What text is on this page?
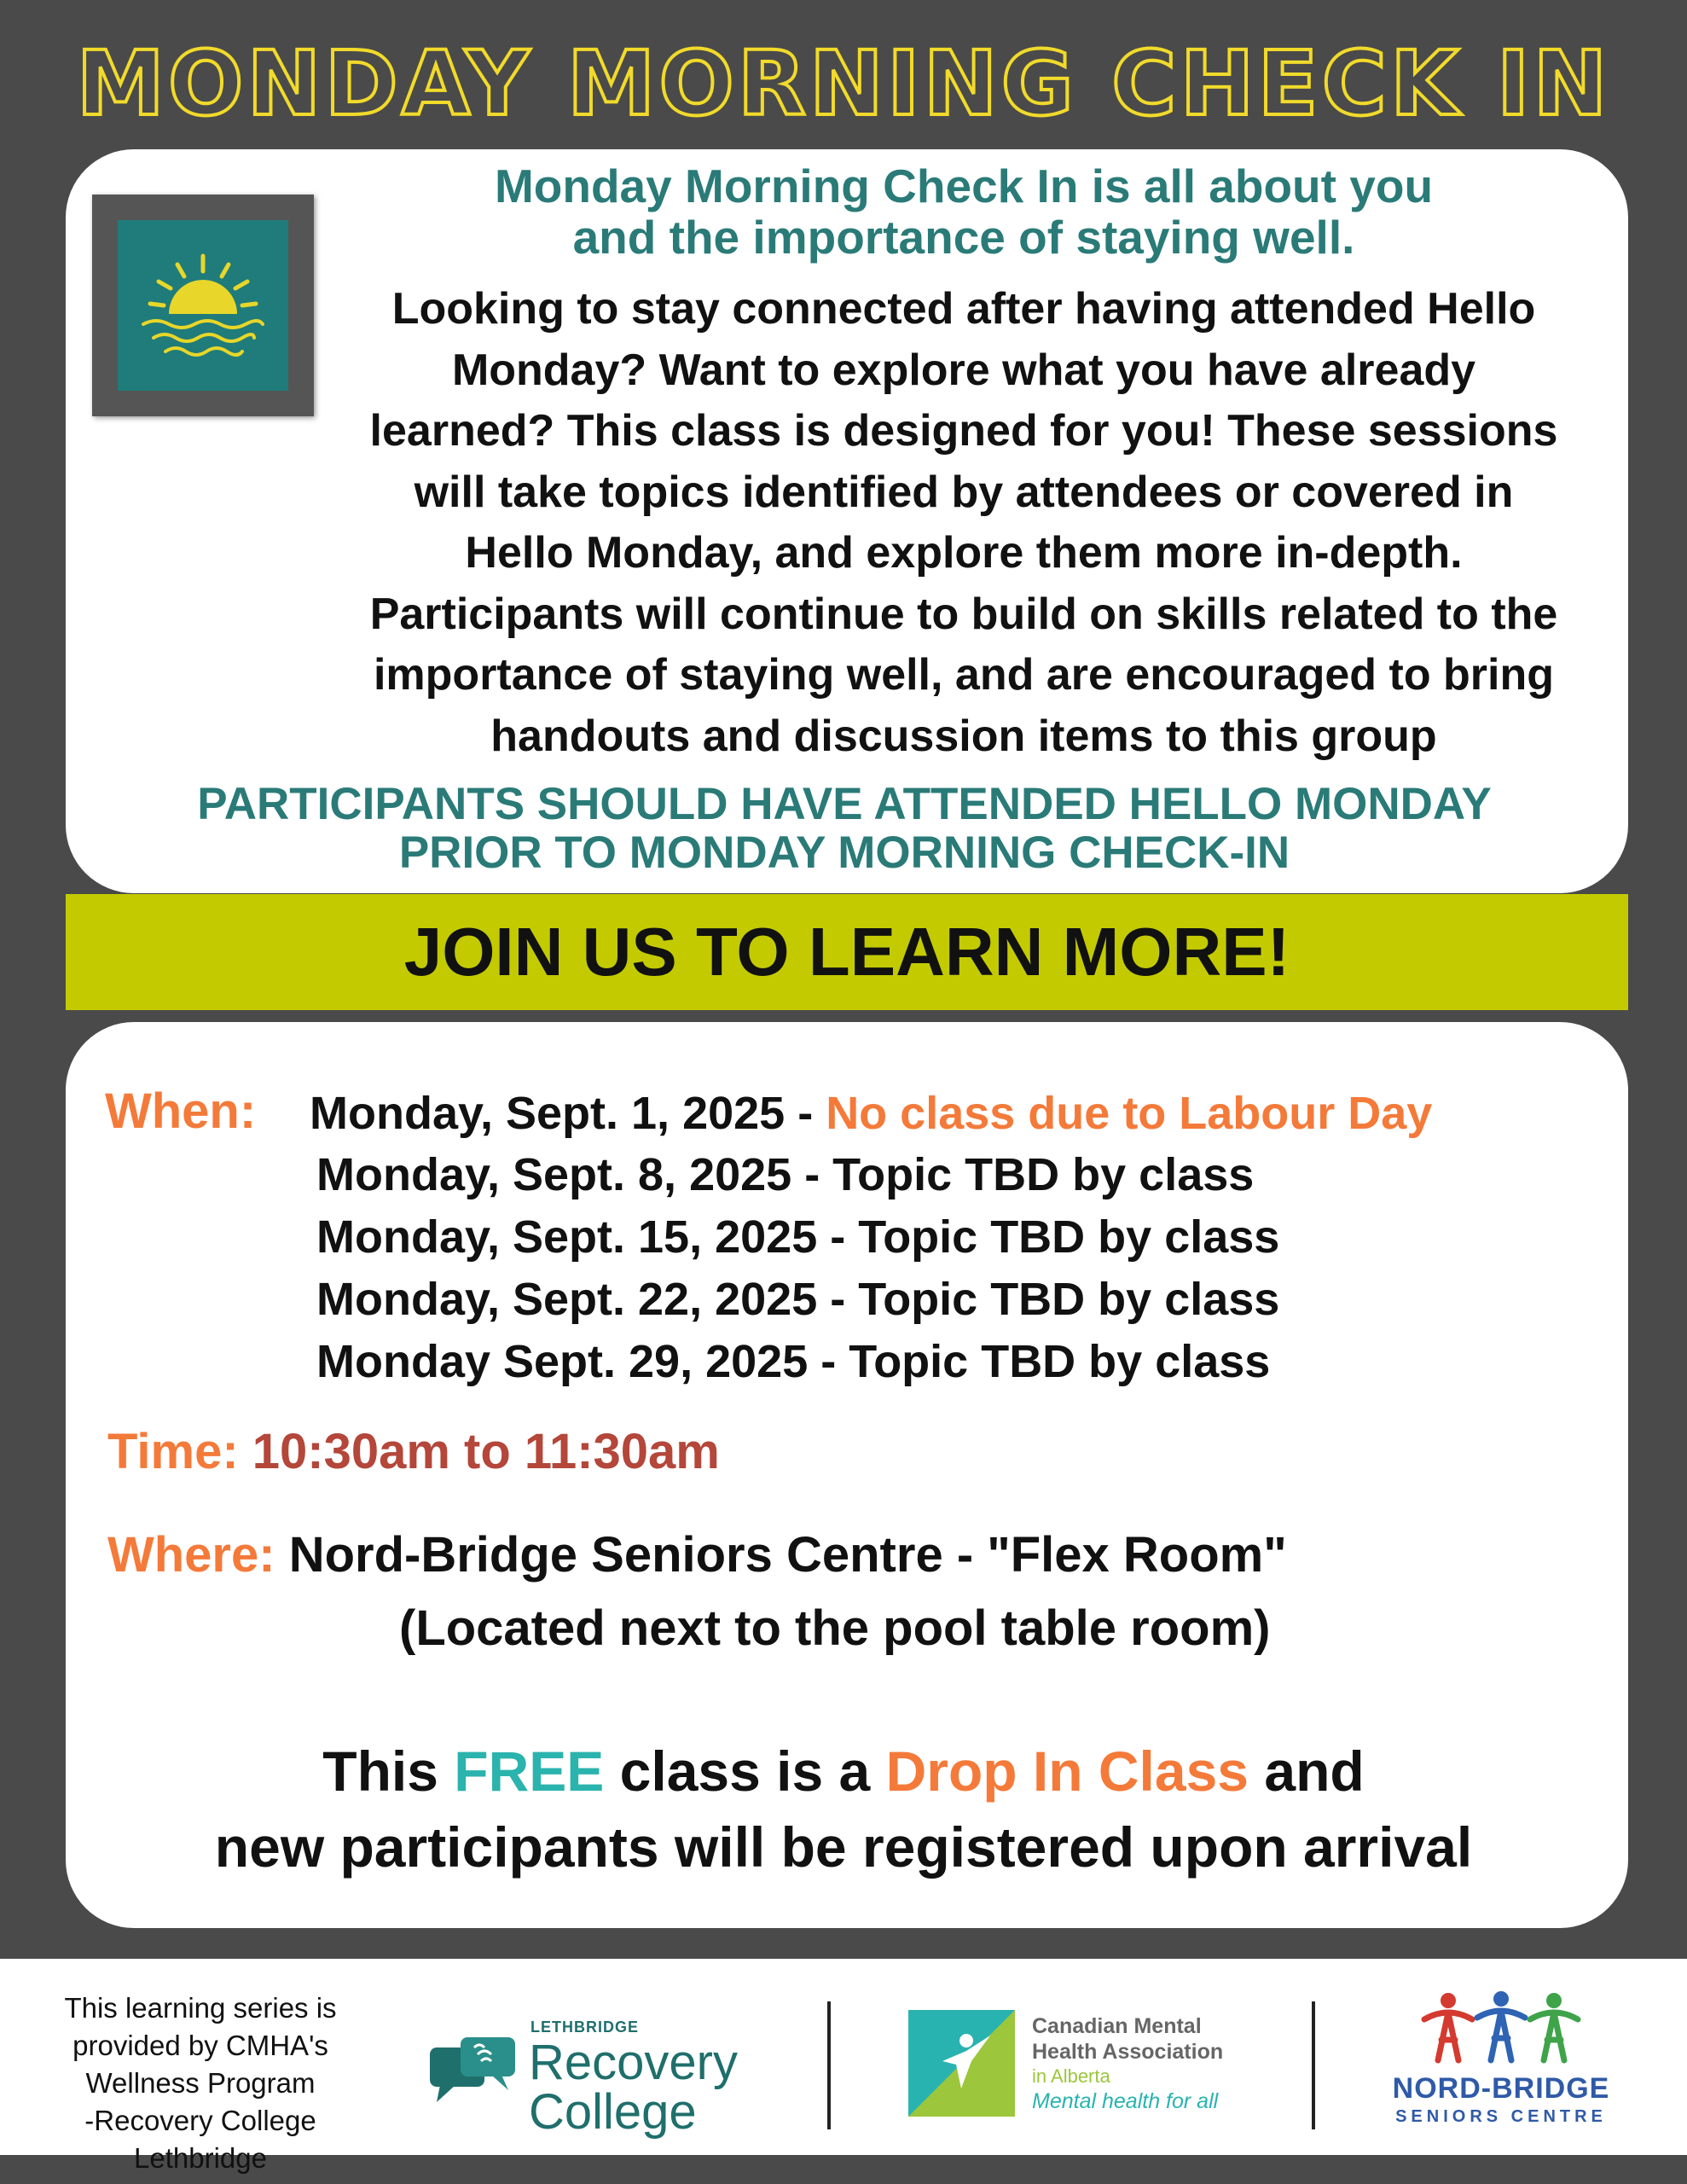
MONDAY MORNING CHECK IN
Monday Morning Check In is all about you
and the importance of staying well.
Looking to stay connected after having attended Hello
Monday? Want to explore what you have already
learned? This class is designed for you! These sessions
will take topics identified by attendees or covered in
Hello Monday, and explore them more in-depth.
Participants will continue to build on skills related to the
importance of staying well, and are encouraged to bring
handouts and discussion items to this group
PARTICIPANTS SHOULD HAVE ATTENDED HELLO MONDAY
PRIOR TO MONDAY MORNING CHECK-IN
JOIN US TO LEARN MORE!
When: Monday, Sept. 1, 2025 - No class due to Labour Day
Monday, Sept. 8, 2025 - Topic TBD by class
Monday, Sept. 15, 2025 - Topic TBD by class
Monday, Sept. 22, 2025 - Topic TBD by class
Monday Sept. 29, 2025 - Topic TBD by class
Time: 10:30am to 11:30am
Where: Nord-Bridge Seniors Centre - "Flex Room"
(Located next to the pool table room)
This FREE class is a Drop In Class and
new participants will be registered upon arrival
This learning series is
provided by CMHA's
Wellness Program
-Recovery College Lethbridge
LETHBRIDGE
Recovery
College
Canadian Mental
Health Association
in Alberta
Mental health for all	NORD-BRIDGE
SENIORS CENTRE
